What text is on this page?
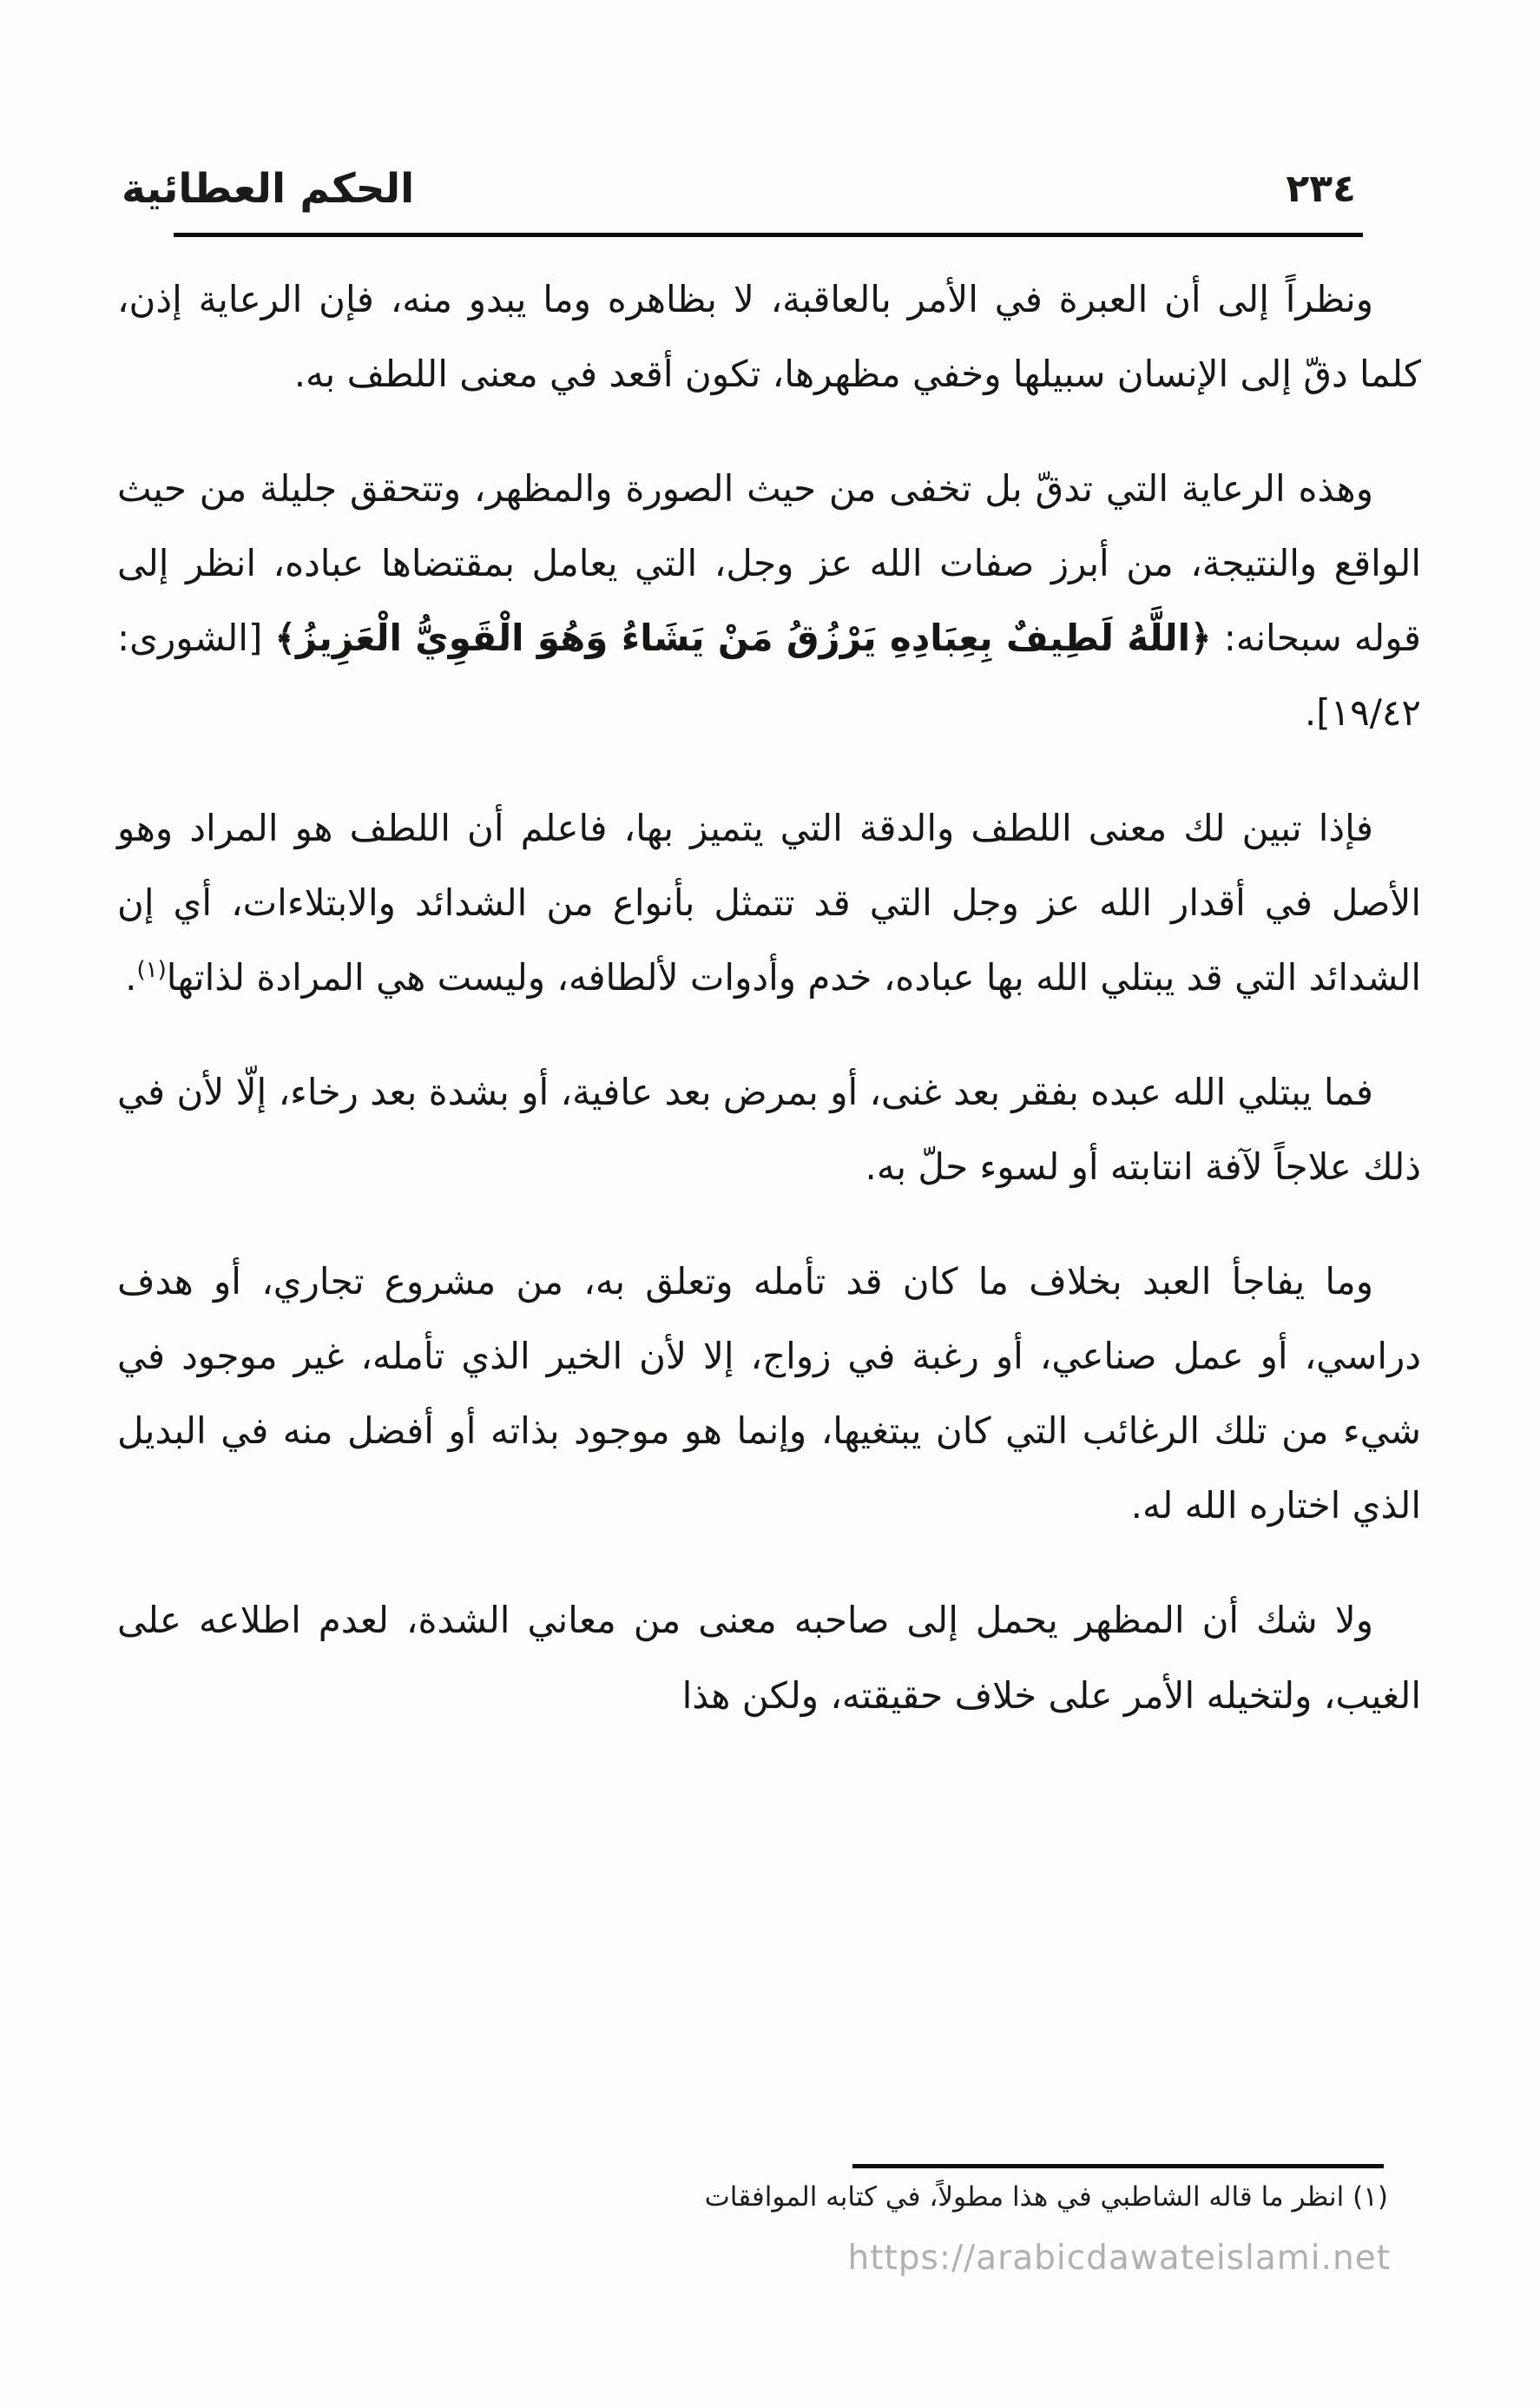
الحكم العطائية	٢٣٤

ونظراً إلى أن العبرة في الأمر بالعاقبة، لا بظاهره وما يبدو منه، فإن الرعاية إذن، كلما دقّ إلى الإنسان سبيلها وخفي مظهرها، تكون أقعد في معنى اللطف به.

وهذه الرعاية التي تدقّ بل تخفى من حيث الصورة والمظهر، وتتحقق جليلة من حيث الواقع والنتيجة، من أبرز صفات الله عز وجل، التي يعامل بمقتضاها عباده، انظر إلى قوله سبحانه: ﴿اللَّهُ لَطِيفٌ بِعِبَادِهِ يَرْزُقُ مَنْ يَشَاءُ وَهُوَ الْقَوِيُّ الْعَزِيزُ﴾ [الشورى: ١٩/٤٢].

فإذا تبين لك معنى اللطف والدقة التي يتميز بها، فاعلم أن اللطف هو المراد وهو الأصل في أقدار الله عز وجل التي قد تتمثل بأنواع من الشدائد والابتلاءات، أي إن الشدائد التي قد يبتلي الله بها عباده، خدم وأدوات لألطافه، وليست هي المرادة لذاتها$^{(١)}$.

فما يبتلي الله عبده بفقر بعد غنى، أو بمرض بعد عافية، أو بشدة بعد رخاء، إلّا لأن في ذلك علاجاً لآفة انتابته أو لسوء حلّ به.

وما يفاجأ العبد بخلاف ما كان قد تأمله وتعلق به، من مشروع تجاري، أو هدف دراسي، أو عمل صناعي، أو رغبة في زواج، إلا لأن الخير الذي تأمله، غير موجود في شيء من تلك الرغائب التي كان يبتغيها، وإنما هو موجود بذاته أو أفضل منه في البديل الذي اختاره الله له.

ولا شك أن المظهر يحمل إلى صاحبه معنى من معاني الشدة، لعدم اطلاعه على الغيب، ولتخيله الأمر على خلاف حقيقته، ولكن هذا

(١) انظر ما قاله الشاطبي في هذا مطولاً، في كتابه الموافقات
https://arabicdawateislami.net
